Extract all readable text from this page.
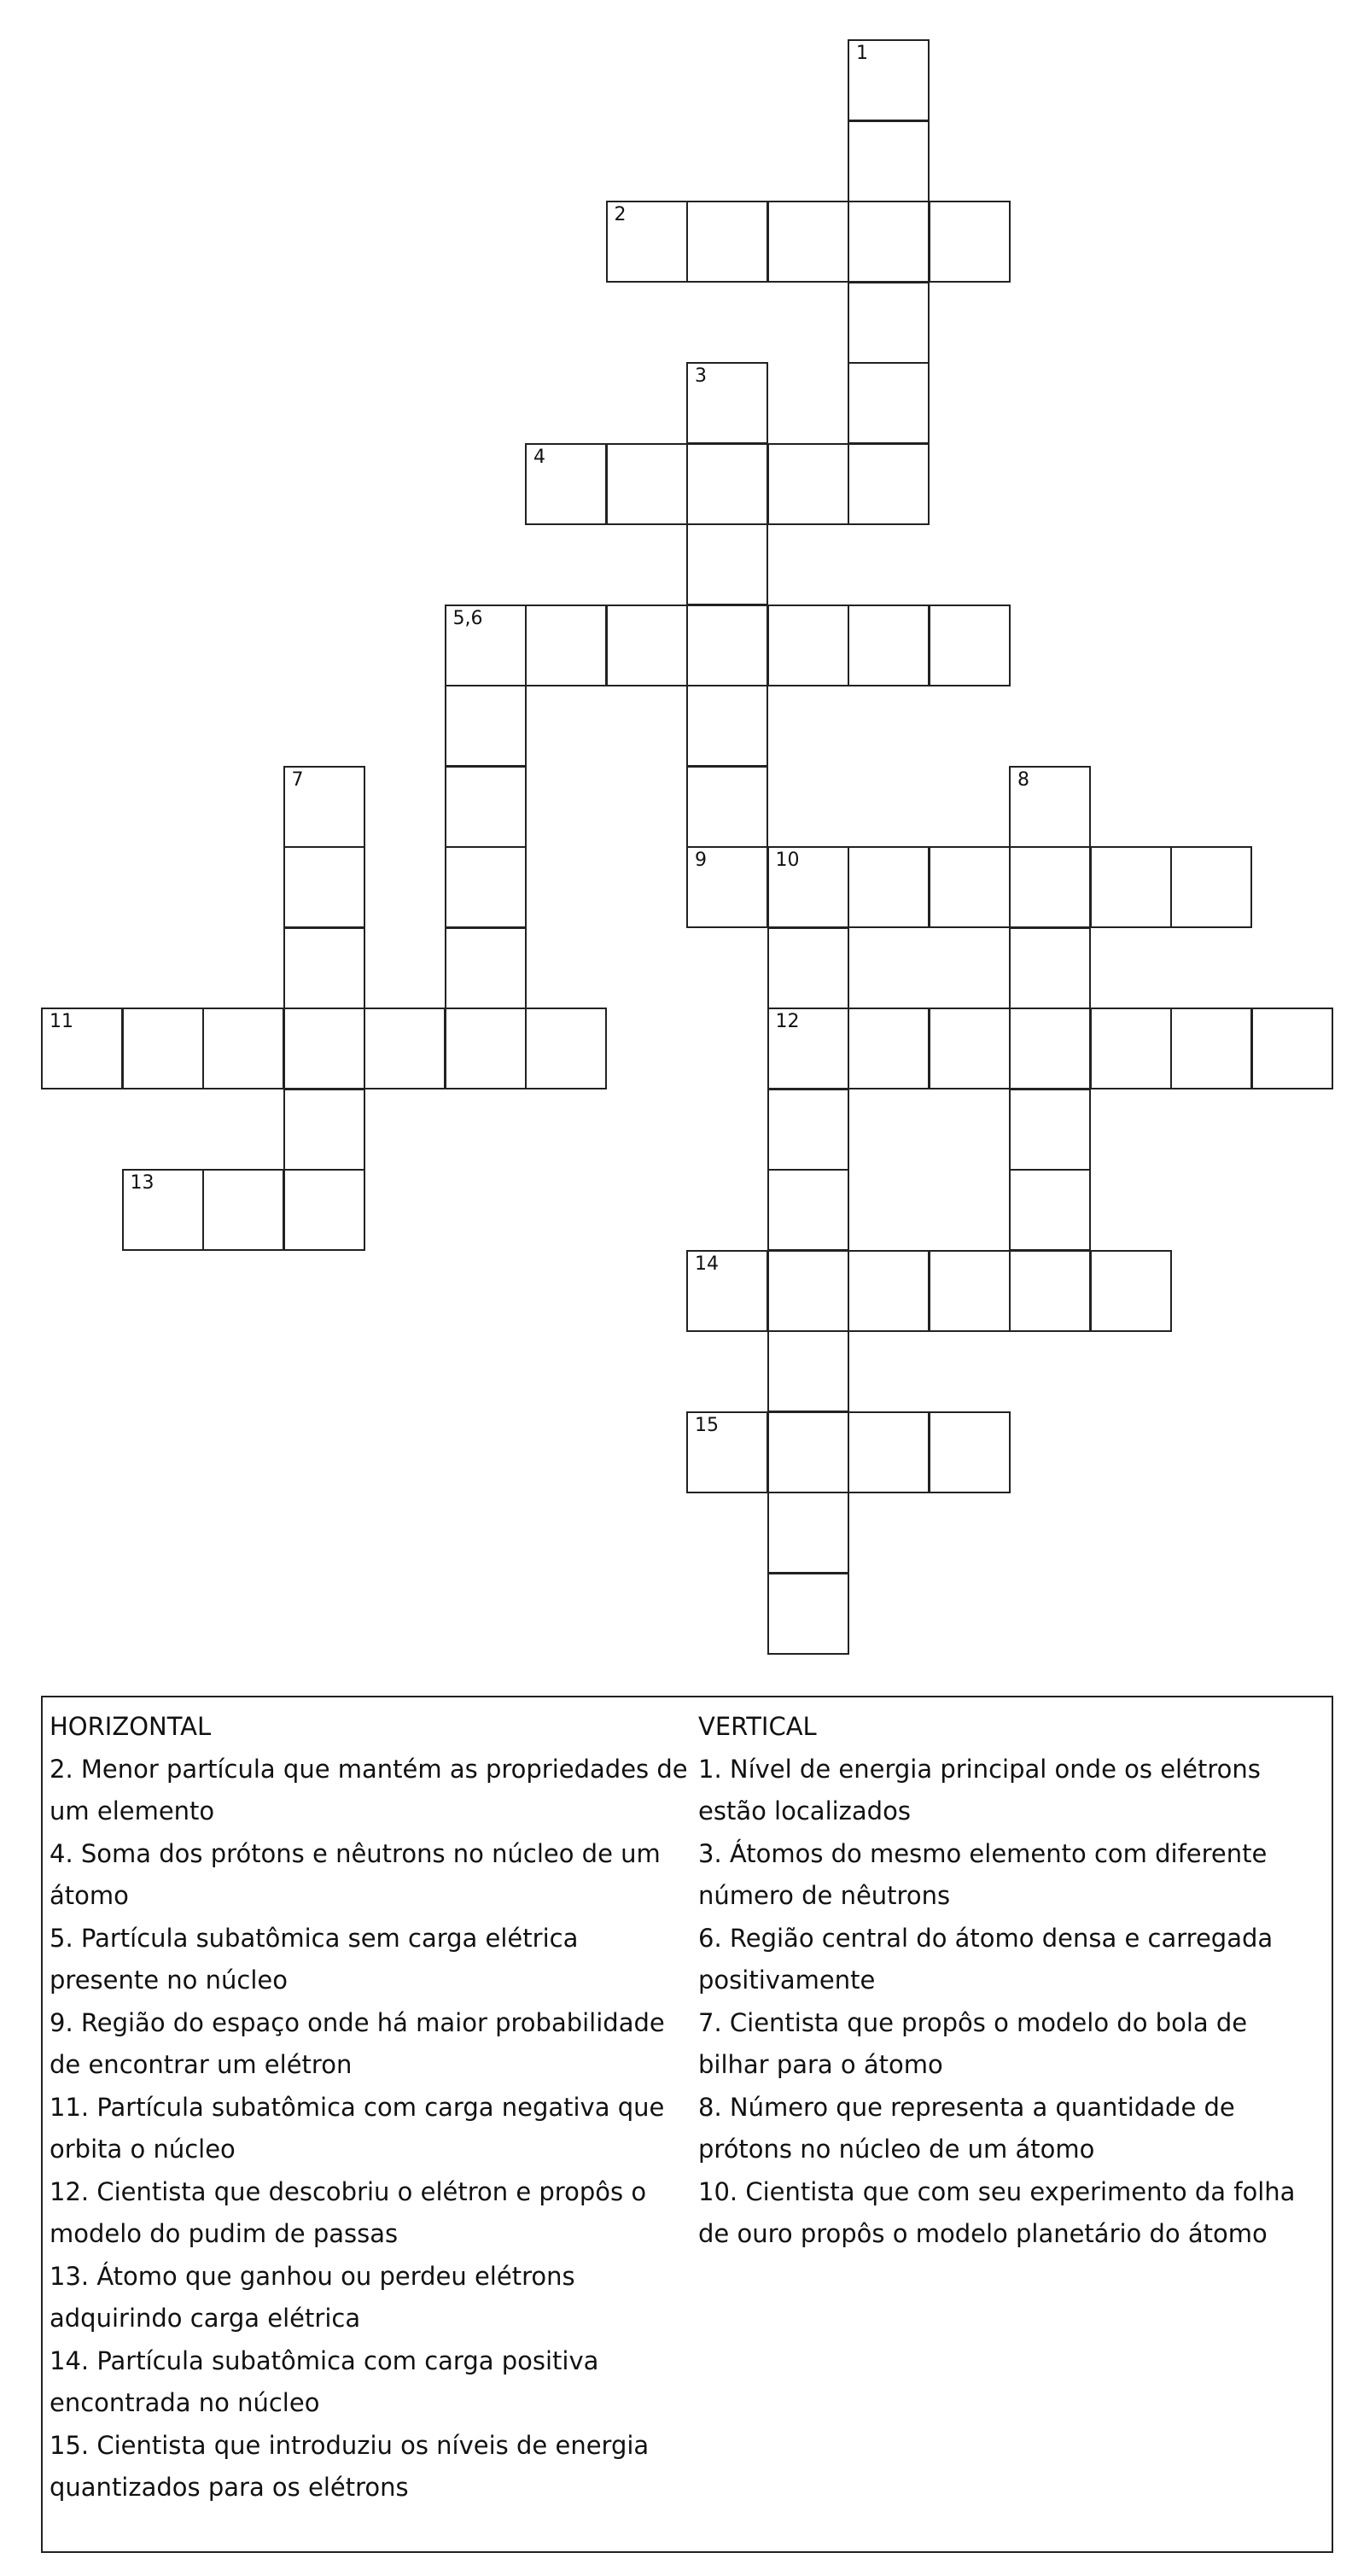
1
2
3
9
4
5,6
7	8
10
12
11
13
14
15
HORIZONTAL
2. Menor partícula que mantém as propriedades de um elemento
4. Soma dos prótons e nêutrons no núcleo de um átomo
5. Partícula subatômica sem carga elétrica presente no núcleo
9. Região do espaço onde há maior probabilidade de encontrar um elétron
11. Partícula subatômica com carga negativa que orbita o núcleo
12. Cientista que descobriu o elétron e propôs o modelo do pudim de passas
13. Átomo que ganhou ou perdeu elétrons adquirindo carga elétrica
14. Partícula subatômica com carga positiva encontrada no núcleo
15. Cientista que introduziu os níveis de energia quantizados para os elétrons
VERTICAL
1. Nível de energia principal onde os elétrons estão localizados
3. Átomos do mesmo elemento com diferente número de nêutrons
6. Região central do átomo densa e carregada positivamente
7. Cientista que propôs o modelo do bola de bilhar para o átomo
8. Número que representa a quantidade de prótons no núcleo de um átomo
10. Cientista que com seu experimento da folha de ouro propôs o modelo planetário do átomo
